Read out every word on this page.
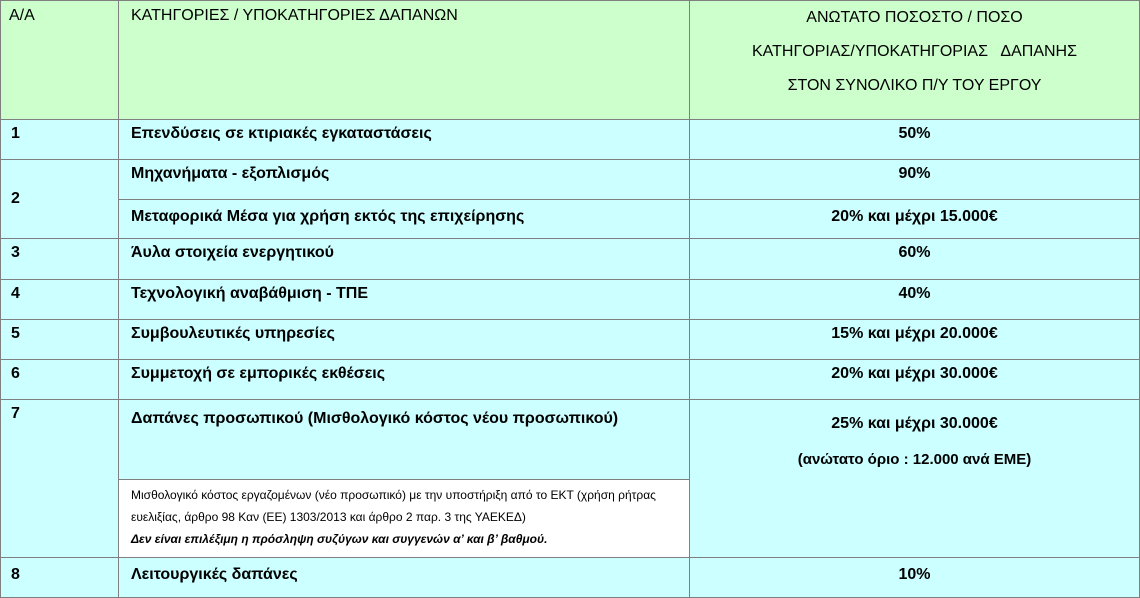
Α/Α	ΚΑΤΗΓΟΡΙΕΣ / ΥΠΟΚΑΤΗΓΟΡΙΕΣ ΔΑΠΑΝΩΝ	ΑΝΩΤΑΤΟ ΠΟΣΟΣΤΟ / ΠΟΣΟ
ΚΑΤΗΓΟΡΙΑΣ/ΥΠΟΚΑΤΗΓΟΡΙΑΣ   ΔΑΠΑΝΗΣ
ΣΤΟΝ ΣΥΝΟΛΙΚΟ Π/Υ ΤΟΥ ΕΡΓΟΥ

1	Επενδύσεις σε κτιριακές εγκαταστάσεις	50%
2	Μηχανήματα - εξοπλισμός	90%
	Μεταφορικά Μέσα για χρήση εκτός της επιχείρησης	20% και μέχρι 15.000€
3	Άυλα στοιχεία ενεργητικού	60%
4	Τεχνολογική αναβάθμιση - ΤΠΕ	40%
5	Συμβουλευτικές υπηρεσίες	15% και μέχρι 20.000€
6	Συμμετοχή σε εμπορικές εκθέσεις	20% και μέχρι 30.000€
7	Δαπάνες προσωπικού (Μισθολογικό κόστος νέου προσωπικού)	25% και μέχρι 30.000€
(ανώτατο όριο : 12.000 ανά ΕΜΕ)

	Μισθολογικό κόστος εργαζομένων (νέο προσωπικό) με την υποστήριξη από το ΕΚΤ (χρήση ρήτρας ευελιξίας, άρθρο 98 Καν (ΕΕ) 1303/2013 και άρθρο 2 παρ. 3 της ΥΑΕΚΕΔ)
Δεν είναι επιλέξιμη η πρόσληψη συζύγων και συγγενών α’ και β’ βαθμού.	

8	Λειτουργικές δαπάνες	10%
